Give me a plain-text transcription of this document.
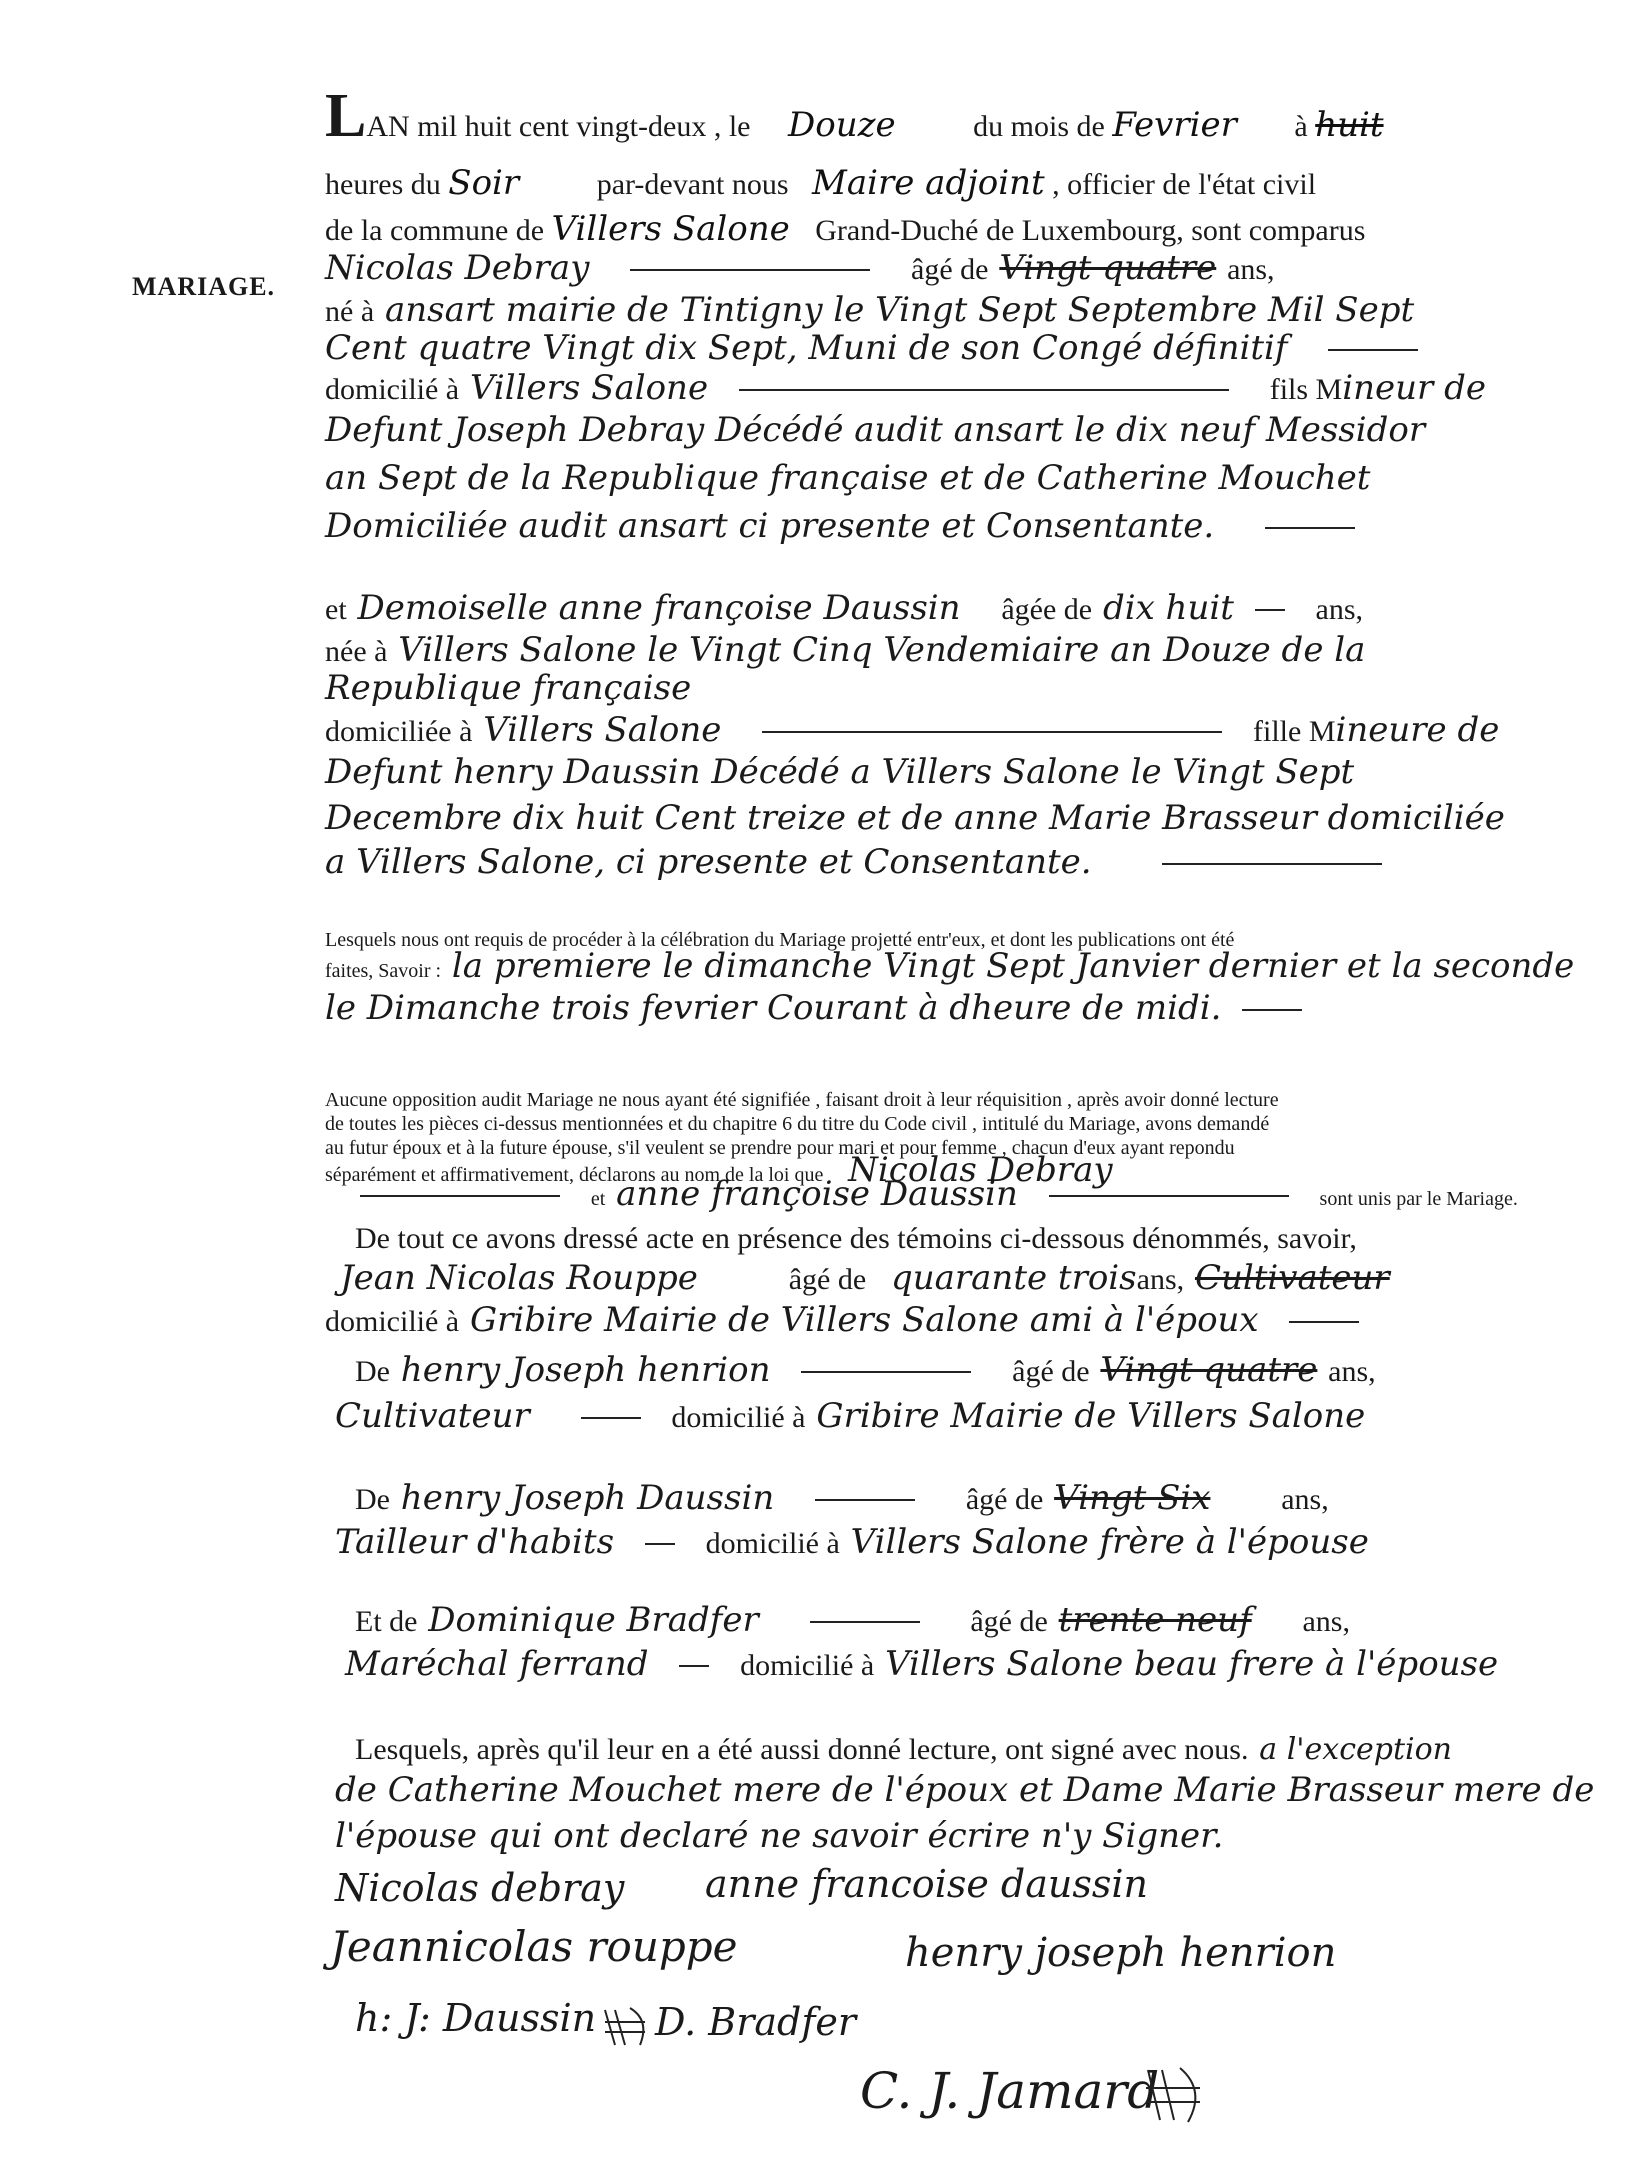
MARIAGE.
LAN mil huit cent vingt-deux , le Douze	du mois de Fevrier à huit
heures du Soir	par-devant nous Maire adjoint , officier de l'état civil
de la commune de Villers Salone Grand-Duché de Luxembourg, sont comparus
Nicolas Debray	âgé de Vingt quatre ans,
né à ansart mairie de Tintigny le Vingt Sept Septembre Mil Sept
Cent quatre Vingt dix Sept, Muni de son Congé définitif
domicilié à Villers Salone	fils Mineur de
Defunt Joseph Debray Décédé audit ansart le dix neuf Messidor
an Sept de la Republique française et de Catherine Mouchet
Domiciliée audit ansart ci presente et Consentante.
et Demoiselle anne françoise Daussin âgée de dix huit	ans,
née à Villers Salone le Vingt Cinq Vendemiaire an Douze de la
Republique française
domiciliée à Villers Salone	fille Mineure de
Defunt henry Daussin Décédé a Villers Salone le Vingt Sept
Decembre dix huit Cent treize et de anne Marie Brasseur domiciliée
a Villers Salone, ci presente et Consentante.
Lesquels nous ont requis de procéder à la célébration du Mariage projetté entr'eux, et dont les publications ont été
faites, Savoir : la premiere le dimanche Vingt Sept Janvier dernier et la seconde
le Dimanche trois fevrier Courant à dheure de midi.
Aucune opposition audit Mariage ne nous ayant été signifiée , faisant droit à leur réquisition , après avoir donné lecture
de toutes les pièces ci-dessus mentionnées et du chapitre 6 du titre du Code civil , intitulé du Mariage, avons demandé
au futur époux et à la future épouse, s'il veulent se prendre pour mari et pour femme , chacun d'eux ayant repondu
séparément et affirmativement, déclarons au nom de la loi que Nicolas Debray
et anne françoise Daussin	sont unis par le Mariage.
De tout ce avons dressé acte en présence des témoins ci-dessous dénommés, savoir,
Jean Nicolas Rouppe	âgé de quarante troisans, Cultivateur
domicilié à Gribire Mairie de Villers Salone ami à l'époux
De henry Joseph henrion	âgé de Vingt quatre ans,
Cultivateur	domicilié à Gribire Mairie de Villers Salone
De henry Joseph Daussin	âgé de Vingt Six ans,
Tailleur d'habits	domicilié à Villers Salone frère à l'épouse
Et de Dominique Bradfer	âgé de trente neuf ans,
Maréchal ferrand	domicilié à Villers Salone beau frere à l'épouse
Lesquels, après qu'il leur en a été aussi donné lecture, ont signé avec nous. a l'exception
de Catherine Mouchet mere de l'époux et Dame Marie Brasseur mere de
l'épouse qui ont declaré ne savoir écrire n'y Signer.
Nicolas debray anne francoise daussin
Jeannicolas rouppe	henry joseph henrion
h: J: Daussin D. Bradfer
C. J. Jamard
